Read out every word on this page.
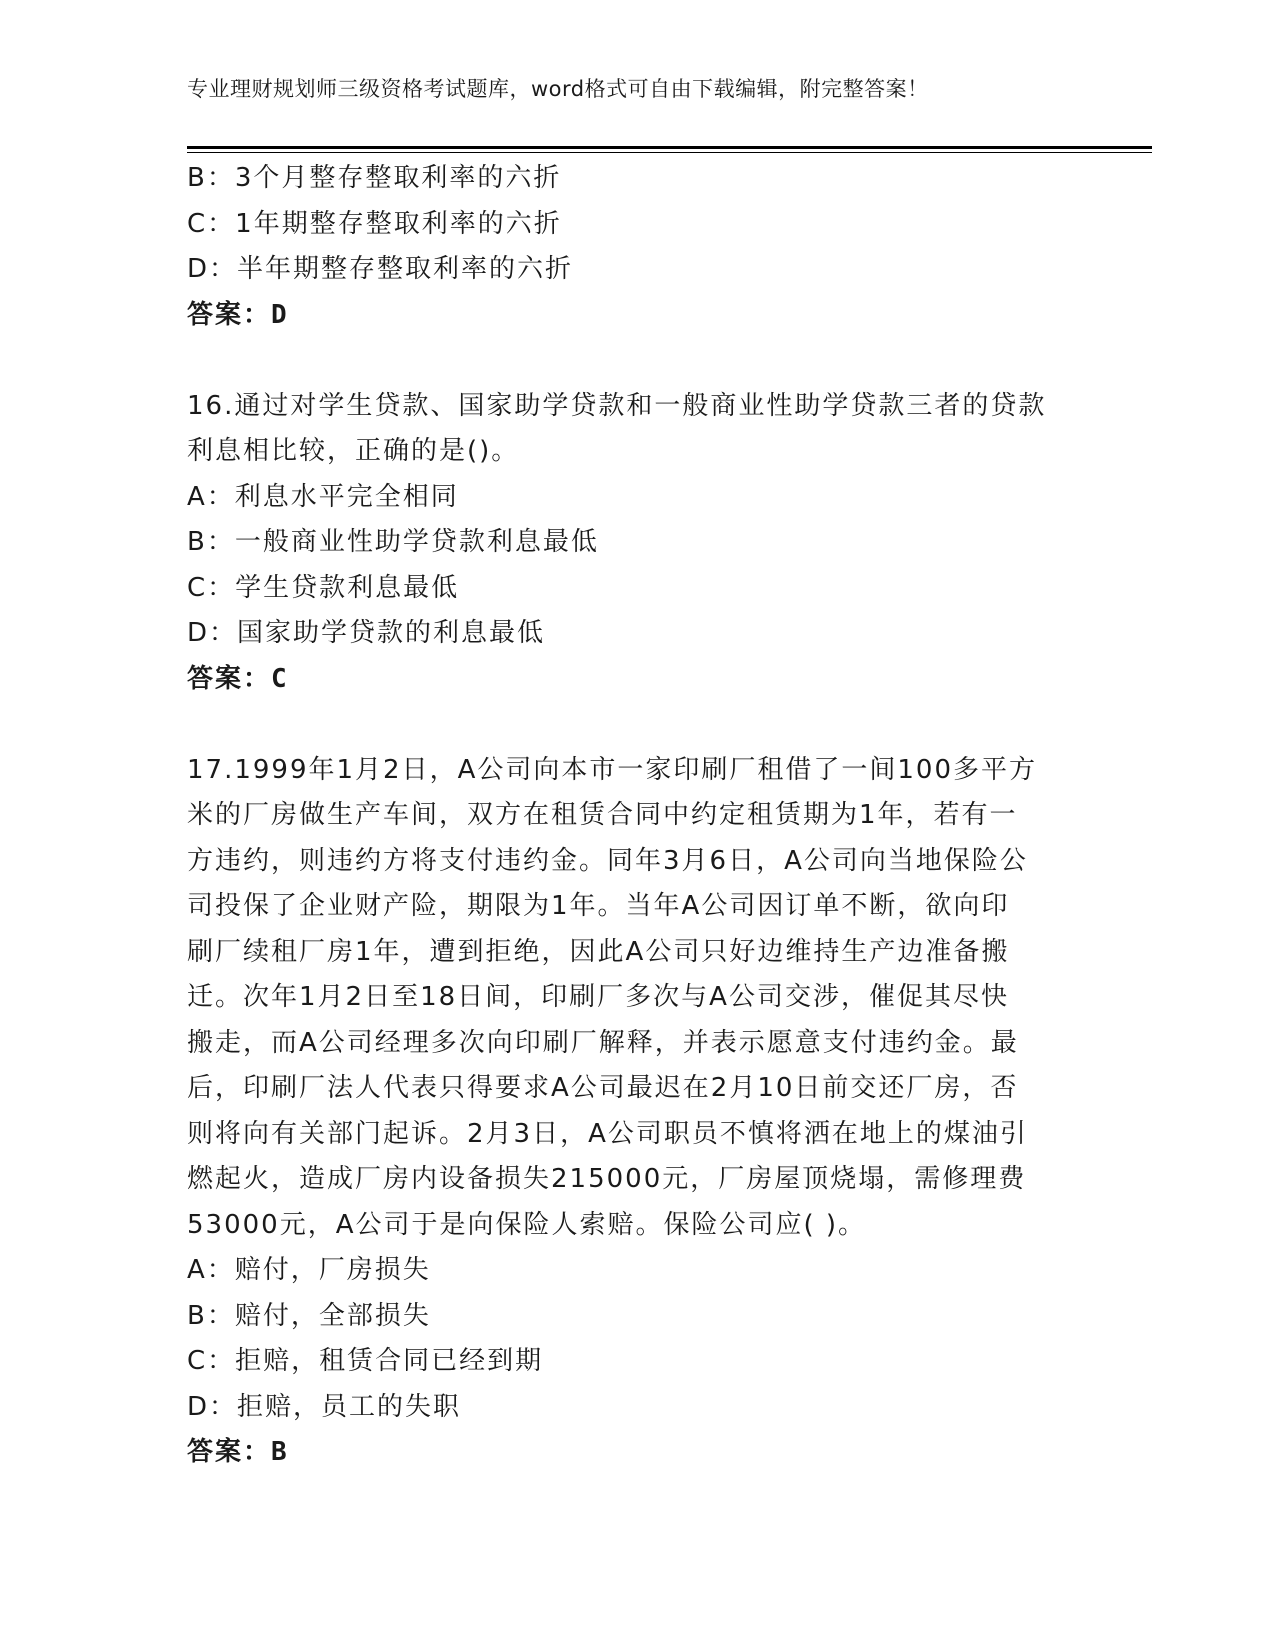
专业理财规划师三级资格考试题库，word格式可自由下载编辑，附完整答案！
B：3个月整存整取利率的六折
C：1年期整存整取利率的六折
D：半年期整存整取利率的六折
答案：D
16.通过对学生贷款、国家助学贷款和一般商业性助学贷款三者的贷款
利息相比较，正确的是()。
A：利息水平完全相同
B：一般商业性助学贷款利息最低
C：学生贷款利息最低
D：国家助学贷款的利息最低
答案：C
17.1999年1月2日，A公司向本市一家印刷厂租借了一间100多平方
米的厂房做生产车间，双方在租赁合同中约定租赁期为1年，若有一
方违约，则违约方将支付违约金。同年3月6日，A公司向当地保险公
司投保了企业财产险，期限为1年。当年A公司因订单不断，欲向印
刷厂续租厂房1年，遭到拒绝，因此A公司只好边维持生产边准备搬
迁。次年1月2日至18日间，印刷厂多次与A公司交涉，催促其尽快
搬走，而A公司经理多次向印刷厂解释，并表示愿意支付违约金。最
后，印刷厂法人代表只得要求A公司最迟在2月10日前交还厂房，否
则将向有关部门起诉。2月3日，A公司职员不慎将洒在地上的煤油引
燃起火，造成厂房内设备损失215000元，厂房屋顶烧塌，需修理费
53000元，A公司于是向保险人索赔。保险公司应( )。
A：赔付，厂房损失
B：赔付，全部损失
C：拒赔，租赁合同已经到期
D：拒赔，员工的失职
答案：B
